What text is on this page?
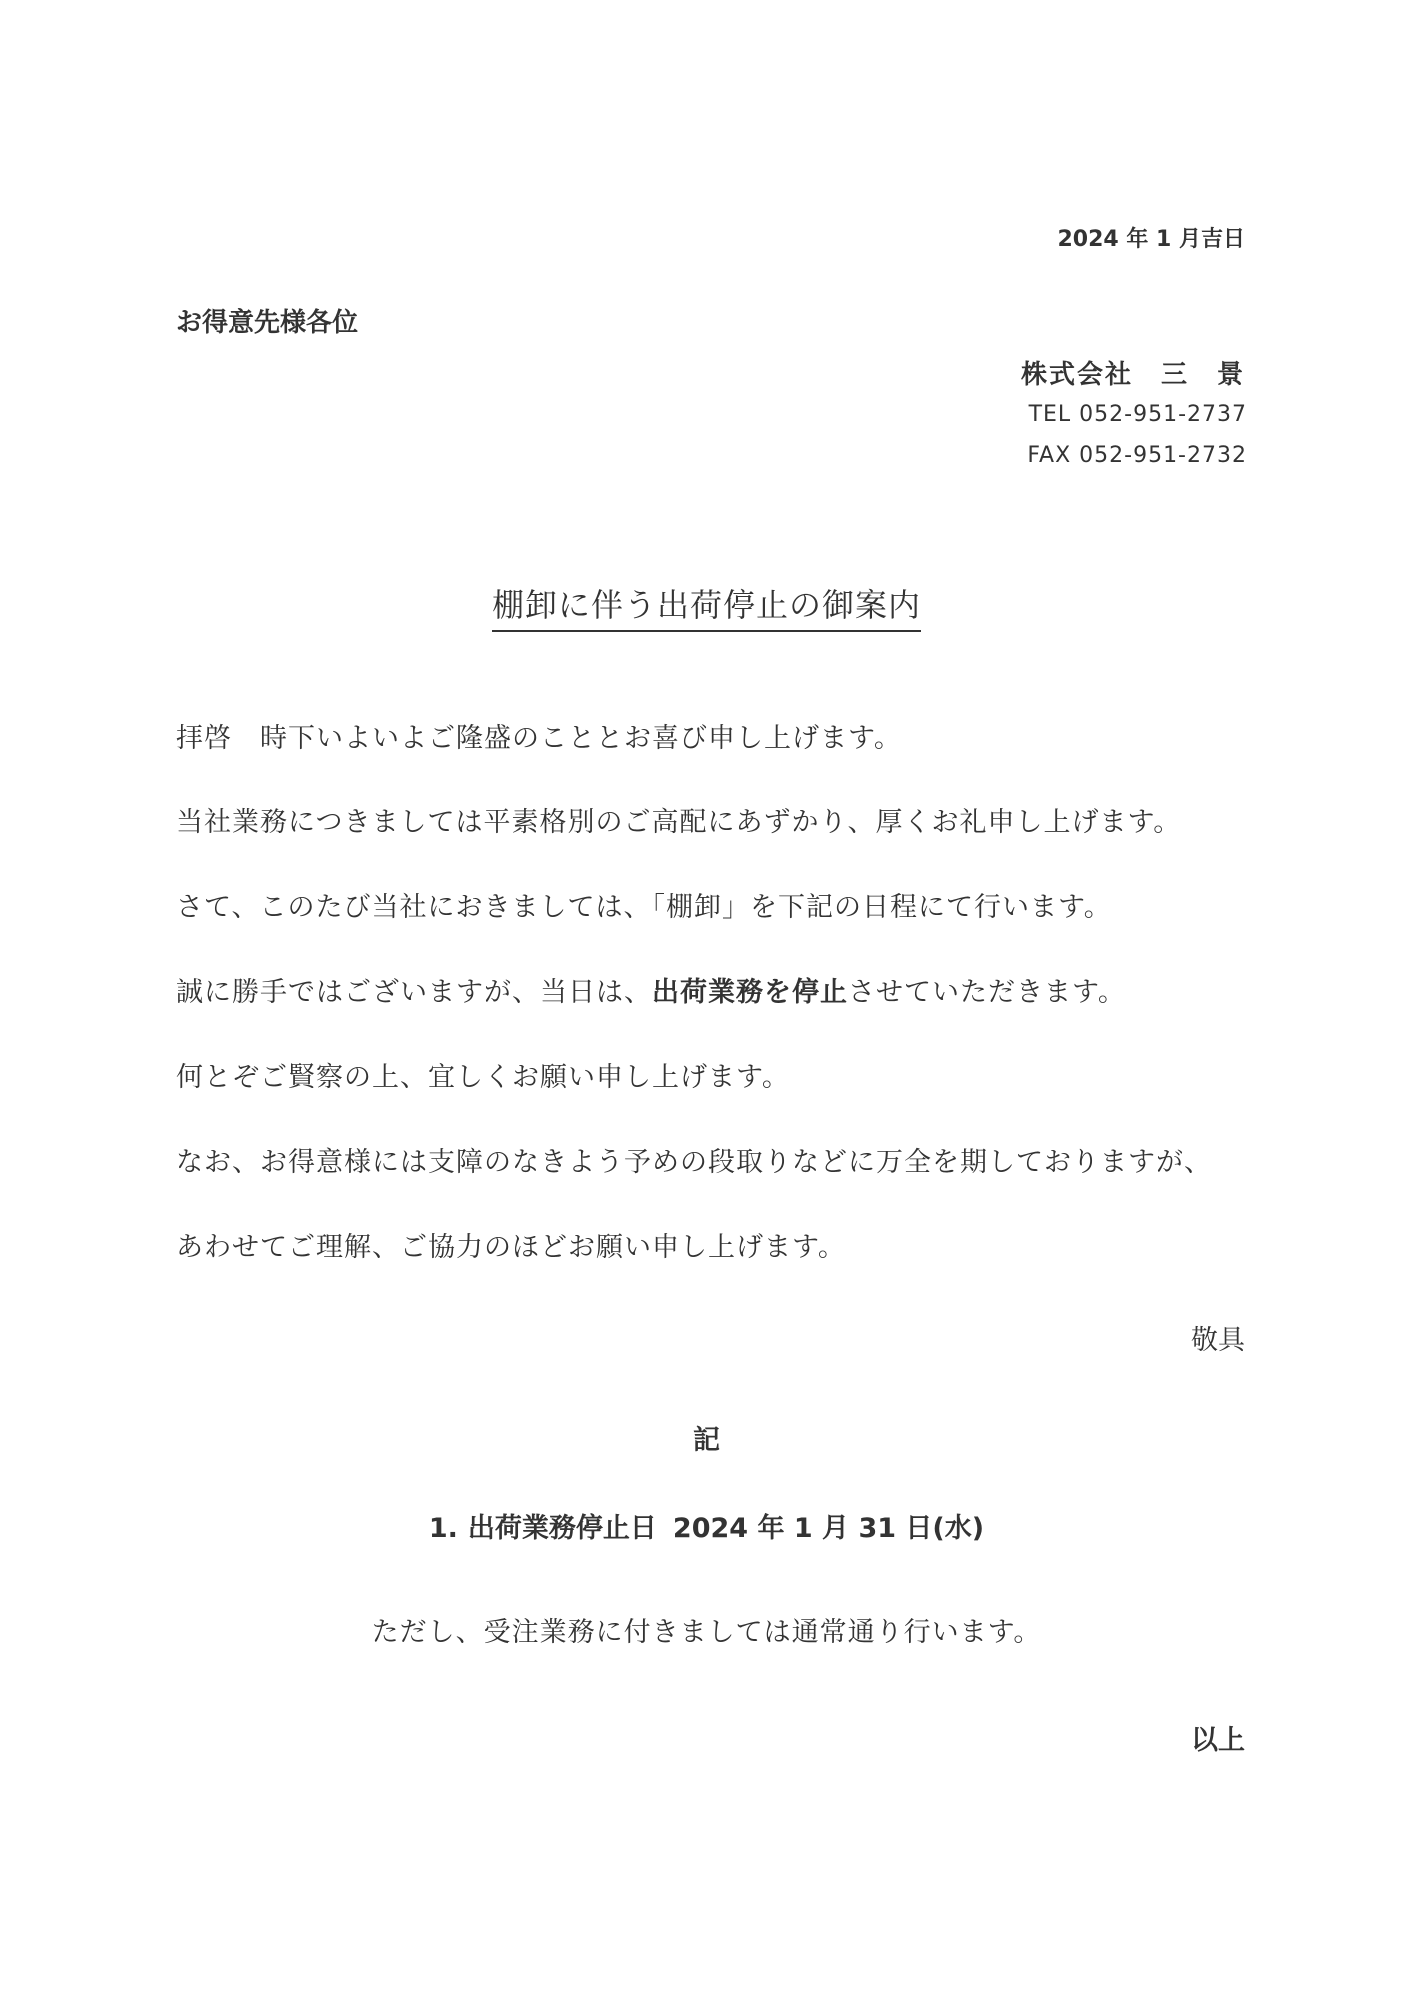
2024 年 1 月吉日
お得意先様各位
株式会社　三　景
TEL 052-951-2737
FAX 052-951-2732
棚卸に伴う出荷停止の御案内
拝啓　時下いよいよご隆盛のこととお喜び申し上げます。
当社業務につきましては平素格別のご高配にあずかり、厚くお礼申し上げます。
さて、このたび当社におきましては、「棚卸」を下記の日程にて行います。
誠に勝手ではございますが、当日は、出荷業務を停止させていただきます。
何とぞご賢察の上、宜しくお願い申し上げます。
なお、お得意様には支障のなきよう予めの段取りなどに万全を期しておりますが、
あわせてご理解、ご協力のほどお願い申し上げます。
敬具
記
1. 出荷業務停止日 2024 年 1 月 31 日(水)
ただし、受注業務に付きましては通常通り行います。
以上
